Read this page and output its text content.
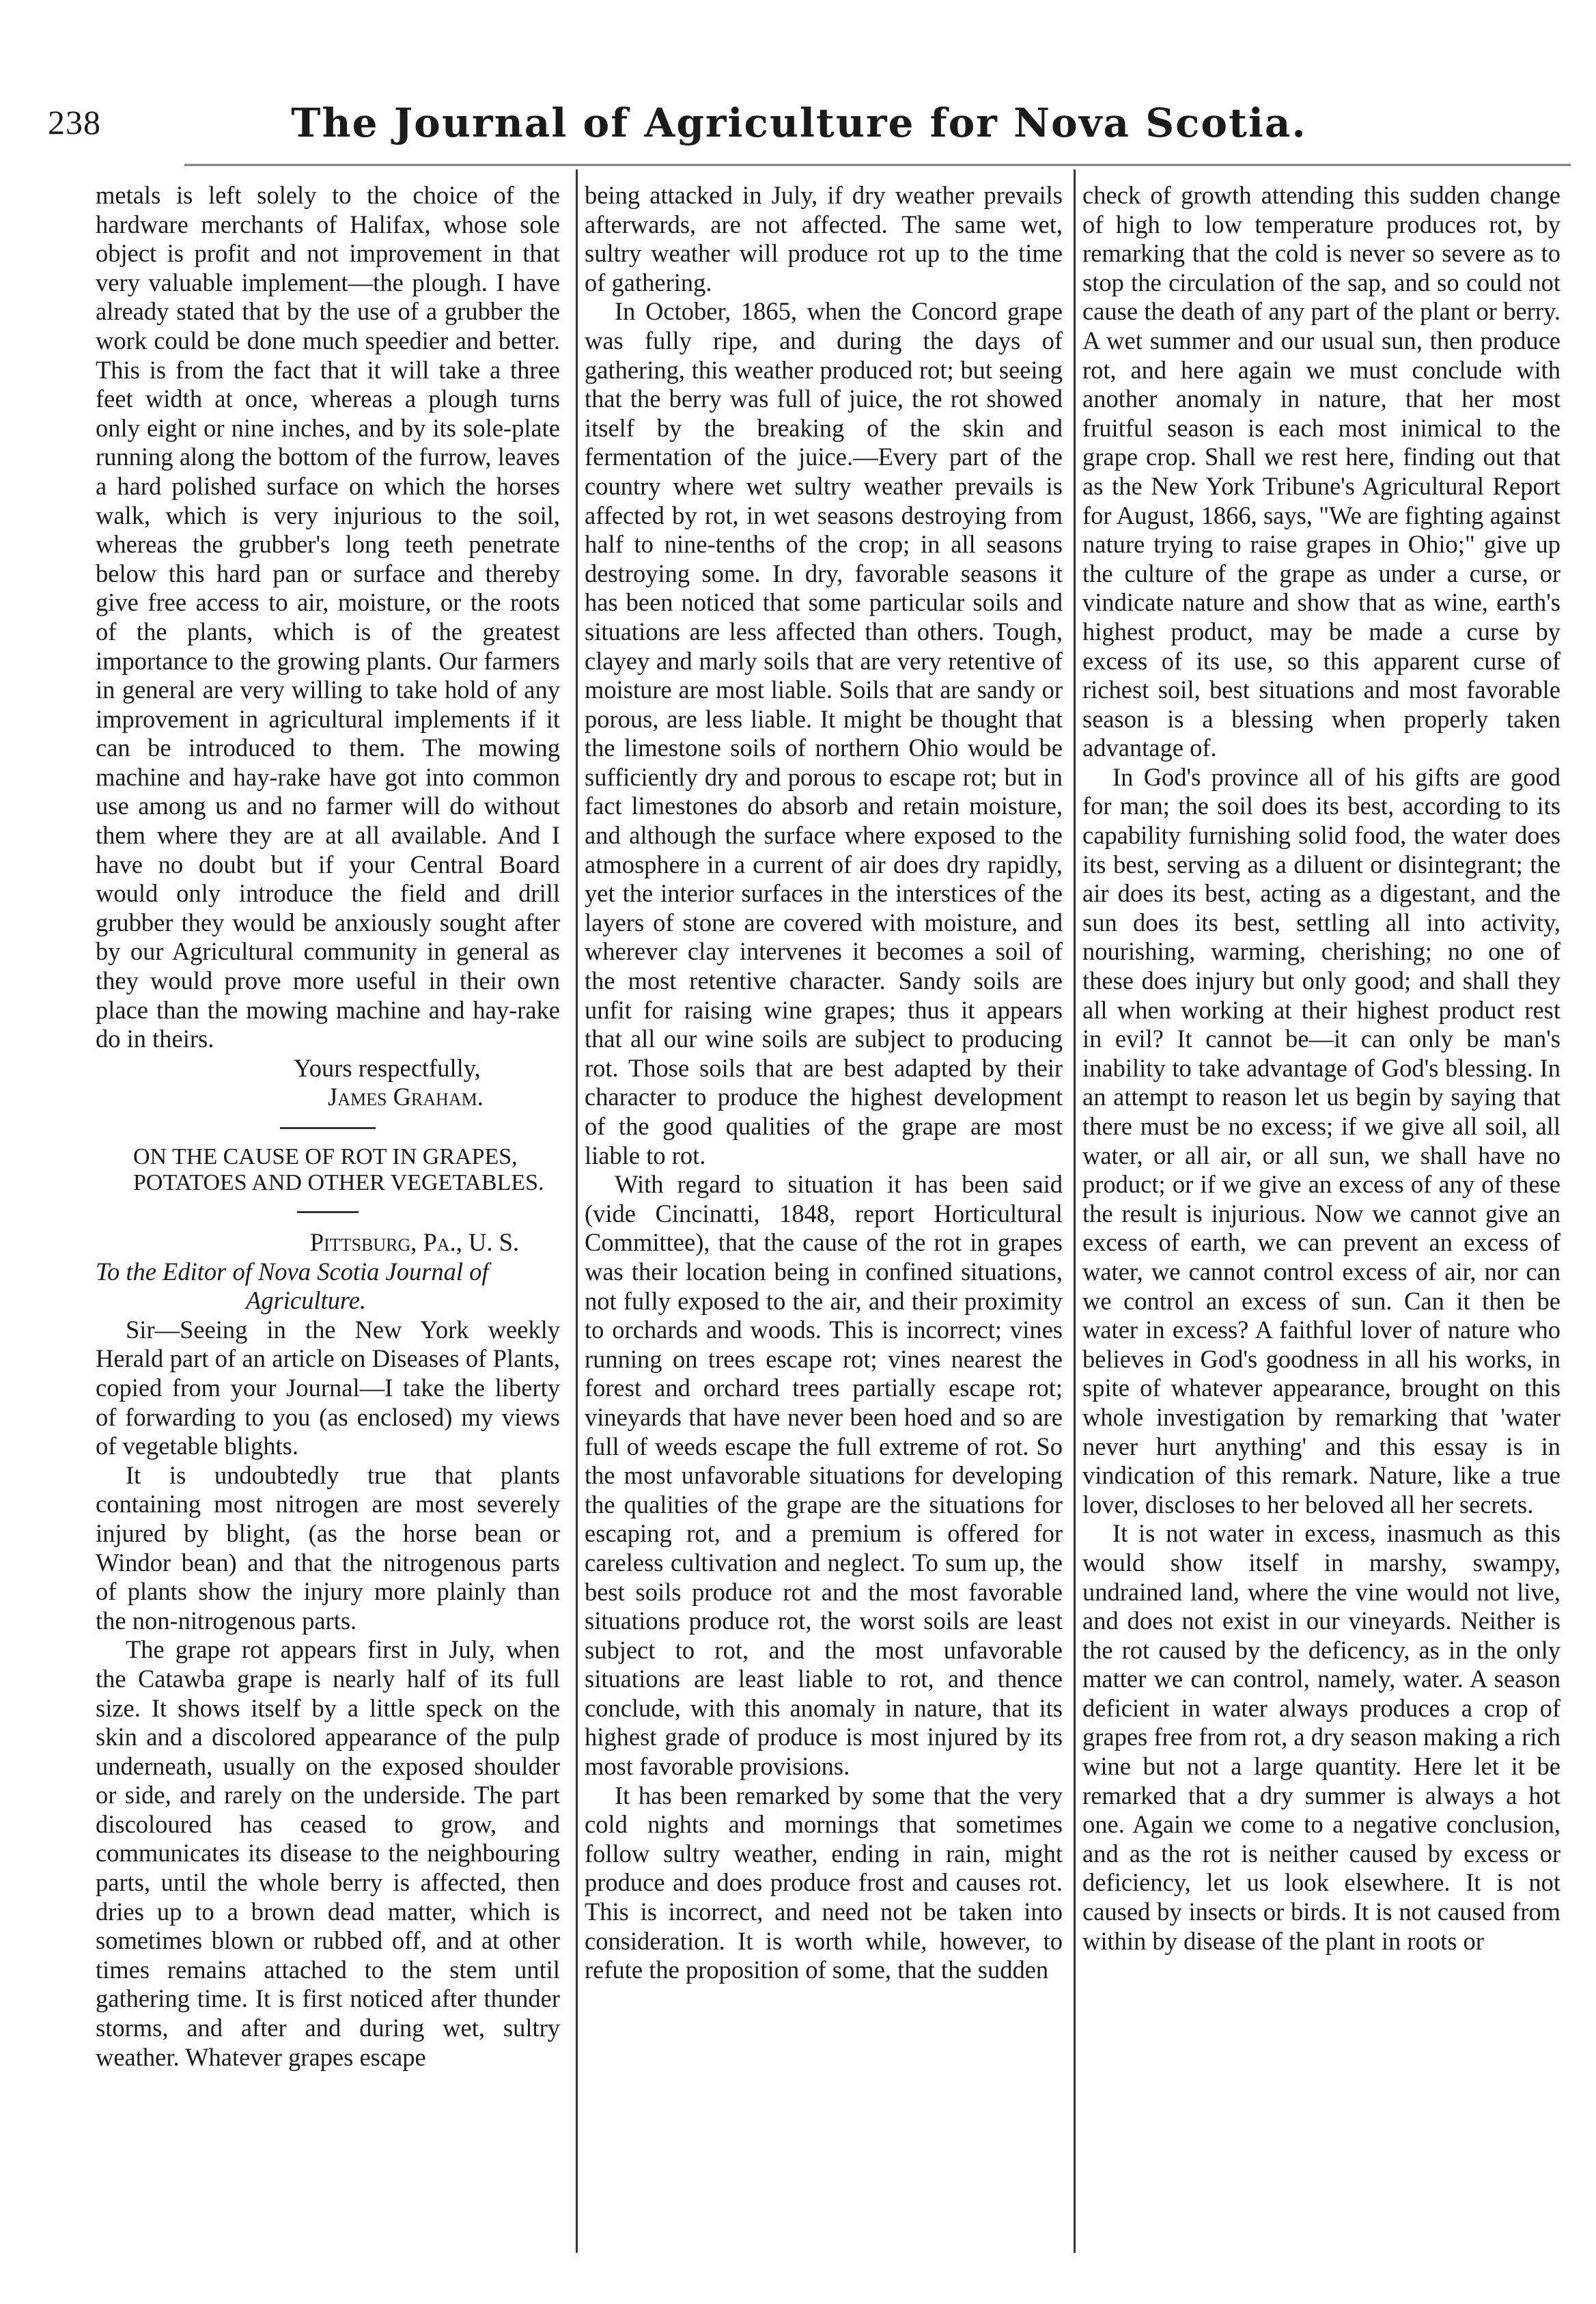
238	The Journal of Agriculture for Nova Scotia.

metals is left solely to the choice of the hardware merchants of Halifax, whose sole object is profit and not improvement in that very valuable implement—the plough. I have already stated that by the use of a grubber the work could be done much speedier and better. This is from the fact that it will take a three feet width at once, whereas a plough turns only eight or nine inches, and by its sole-plate running along the bottom of the furrow, leaves a hard polished surface on which the horses walk, which is very injurious to the soil, whereas the grubber's long teeth penetrate below this hard pan or surface and thereby give free access to air, moisture, or the roots of the plants, which is of the greatest importance to the growing plants. Our farmers in general are very willing to take hold of any improvement in agricultural implements if it can be introduced to them. The mowing machine and hay-rake have got into common use among us and no farmer will do without them where they are at all available. And I have no doubt but if your Central Board would only introduce the field and drill grubber they would be anxiously sought after by our Agricultural community in general as they would prove more useful in their own place than the mowing machine and hay-rake do in theirs.

Yours respectfully,

James Graham.

ON THE CAUSE OF ROT IN GRAPES, POTATOES AND OTHER VEGETABLES.

Pittsburg, Pa., U. S.

To the Editor of Nova Scotia Journal of

Agriculture.

Sir—Seeing in the New York weekly Herald part of an article on Diseases of Plants, copied from your Journal—I take the liberty of forwarding to you (as enclosed) my views of vegetable blights.

It is undoubtedly true that plants containing most nitrogen are most severely injured by blight, (as the horse bean or Windor bean) and that the nitrogenous parts of plants show the injury more plainly than the non-nitrogenous parts.

The grape rot appears first in July, when the Catawba grape is nearly half of its full size. It shows itself by a little speck on the skin and a discolored appearance of the pulp underneath, usually on the exposed shoulder or side, and rarely on the underside. The part discoloured has ceased to grow, and communicates its disease to the neighbouring parts, until the whole berry is affected, then dries up to a brown dead matter, which is sometimes blown or rubbed off, and at other times remains attached to the stem until gathering time. It is first noticed after thunder storms, and after and during wet, sultry weather. Whatever grapes escape

being attacked in July, if dry weather prevails afterwards, are not affected. The same wet, sultry weather will produce rot up to the time of gathering.

In October, 1865, when the Concord grape was fully ripe, and during the days of gathering, this weather produced rot; but seeing that the berry was full of juice, the rot showed itself by the breaking of the skin and fermentation of the juice.—Every part of the country where wet sultry weather prevails is affected by rot, in wet seasons destroying from half to nine-tenths of the crop; in all seasons destroying some. In dry, favorable seasons it has been noticed that some particular soils and situations are less affected than others. Tough, clayey and marly soils that are very retentive of moisture are most liable. Soils that are sandy or porous, are less liable. It might be thought that the limestone soils of northern Ohio would be sufficiently dry and porous to escape rot; but in fact limestones do absorb and retain moisture, and although the surface where exposed to the atmosphere in a current of air does dry rapidly, yet the interior surfaces in the interstices of the layers of stone are covered with moisture, and wherever clay intervenes it becomes a soil of the most retentive character. Sandy soils are unfit for raising wine grapes; thus it appears that all our wine soils are subject to producing rot. Those soils that are best adapted by their character to produce the highest development of the good qualities of the grape are most liable to rot.

With regard to situation it has been said (vide Cincinatti, 1848, report Horticultural Committee), that the cause of the rot in grapes was their location being in confined situations, not fully exposed to the air, and their proximity to orchards and woods. This is incorrect; vines running on trees escape rot; vines nearest the forest and orchard trees partially escape rot; vineyards that have never been hoed and so are full of weeds escape the full extreme of rot. So the most unfavorable situations for developing the qualities of the grape are the situations for escaping rot, and a premium is offered for careless cultivation and neglect. To sum up, the best soils produce rot and the most favorable situations produce rot, the worst soils are least subject to rot, and the most unfavorable situations are least liable to rot, and thence conclude, with this anomaly in nature, that its highest grade of produce is most injured by its most favorable provisions.

It has been remarked by some that the very cold nights and mornings that sometimes follow sultry weather, ending in rain, might produce and does produce frost and causes rot. This is incorrect, and need not be taken into consideration. It is worth while, however, to refute the proposition of some, that the sudden

check of growth attending this sudden change of high to low temperature produces rot, by remarking that the cold is never so severe as to stop the circulation of the sap, and so could not cause the death of any part of the plant or berry. A wet summer and our usual sun, then produce rot, and here again we must conclude with another anomaly in nature, that her most fruitful season is each most inimical to the grape crop. Shall we rest here, finding out that as the New York Tribune's Agricultural Report for August, 1866, says, "We are fighting against nature trying to raise grapes in Ohio;" give up the culture of the grape as under a curse, or vindicate nature and show that as wine, earth's highest product, may be made a curse by excess of its use, so this apparent curse of richest soil, best situations and most favorable season is a blessing when properly taken advantage of.

In God's province all of his gifts are good for man; the soil does its best, according to its capability furnishing solid food, the water does its best, serving as a diluent or disintegrant; the air does its best, acting as a digestant, and the sun does its best, settling all into activity, nourishing, warming, cherishing; no one of these does injury but only good; and shall they all when working at their highest product rest in evil? It cannot be—it can only be man's inability to take advantage of God's blessing. In an attempt to reason let us begin by saying that there must be no excess; if we give all soil, all water, or all air, or all sun, we shall have no product; or if we give an excess of any of these the result is injurious. Now we cannot give an excess of earth, we can prevent an excess of water, we cannot control excess of air, nor can we control an excess of sun. Can it then be water in excess? A faithful lover of nature who believes in God's goodness in all his works, in spite of whatever appearance, brought on this whole investigation by remarking that 'water never hurt anything' and this essay is in vindication of this remark. Nature, like a true lover, discloses to her beloved all her secrets.

It is not water in excess, inasmuch as this would show itself in marshy, swampy, undrained land, where the vine would not live, and does not exist in our vineyards. Neither is the rot caused by the deficency, as in the only matter we can control, namely, water. A season deficient in water always produces a crop of grapes free from rot, a dry season making a rich wine but not a large quantity. Here let it be remarked that a dry summer is always a hot one. Again we come to a negative conclusion, and as the rot is neither caused by excess or deficiency, let us look elsewhere. It is not caused by insects or birds. It is not caused from within by disease of the plant in roots or
